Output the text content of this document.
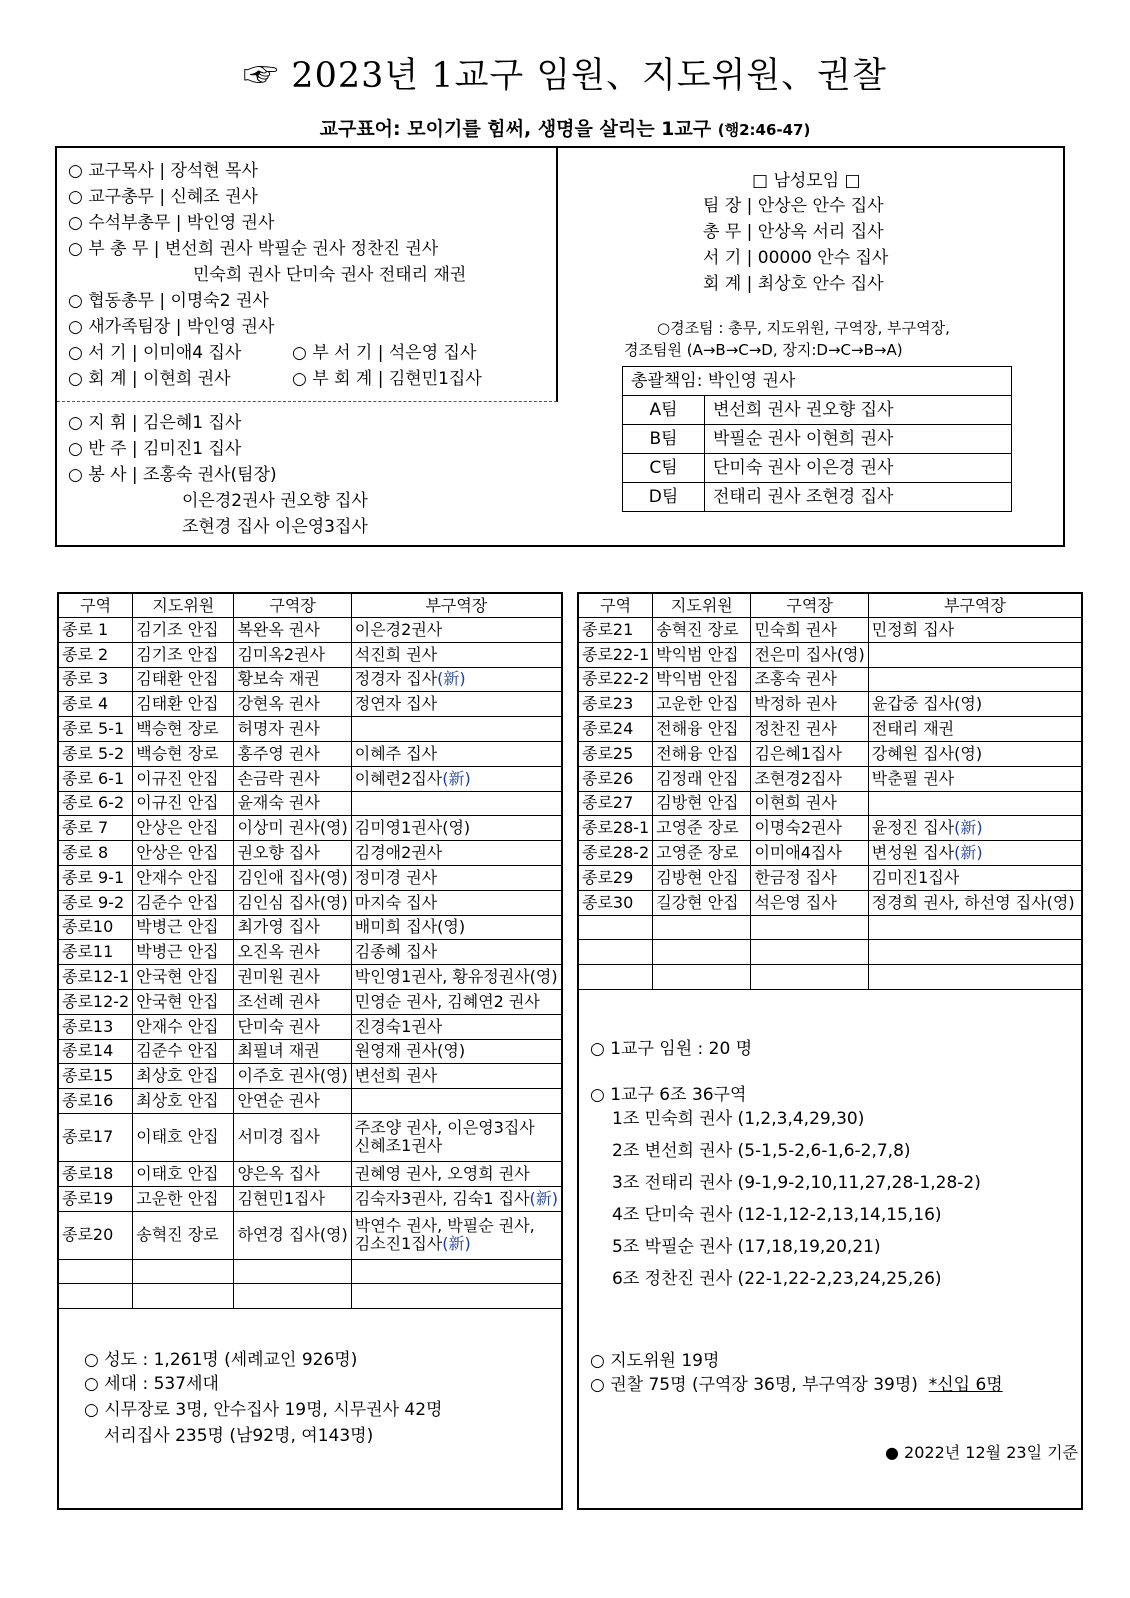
☞ 2023년 1교구 임원、지도위원、권찰
교구표어: 모이기를 힘써, 생명을 살리는 1교구 (행2:46-47)
○ 교구목사 | 장석현 목사
○ 교구총무 | 신혜조 권사
○ 수석부총무 | 박인영 권사
○ 부 총 무 | 변선희 권사 박필순 권사 정찬진 권사
민숙희 권사 단미숙 권사 전태리 재권
○ 협동총무 | 이명숙2 권사
○ 새가족팀장 | 박인영 권사
○ 서 기 | 이미애4 집사	○ 부 서 기 | 석은영 집사
○ 회 계 | 이현희 권사	○ 부 회 계 | 김현민1집사
○ 지 휘 | 김은혜1 집사
○ 반 주 | 김미진1 집사
○ 봉 사 | 조홍숙 권사(팀장)
이은경2권사 권오향 집사
조현경 집사 이은영3집사
□ 남성모임 □
팀 장 | 안상은 안수 집사
총 무 | 안상옥 서리 집사
서 기 | 00000 안수 집사
회 계 | 최상호 안수 집사
○경조팀 : 총무, 지도위원, 구역장, 부구역장,
경조팀원 (A→B→C→D, 장지:D→C→B→A)
총괄책임: 박인영 권사	
A팀	변선희 권사 권오향 집사
B팀	박필순 권사 이현희 권사
C팀	단미숙 권사 이은경 권사
D팀	전태리 권사 조현경 집사
구역	지도위원	구역장	부구역장
종로 1	김기조 안집	복완옥 권사	이은경2권사
종로 2	김기조 안집	김미옥2권사	석진희 권사
종로 3	김태환 안집	황보숙 재권	정경자 집사(新)
종로 4	김태환 안집	강현옥 권사	정연자 집사
종로 5-1	백승현 장로	허명자 권사	
종로 5-2	백승현 장로	홍주영 권사	이혜주 집사
종로 6-1	이규진 안집	손금락 권사	이혜련2집사(新)
종로 6-2	이규진 안집	윤재숙 권사	
종로 7	안상은 안집	이상미 권사(영)	김미영1권사(영)
종로 8	안상은 안집	권오향 집사	김경애2권사
종로 9-1	안재수 안집	김인애 집사(영)	정미경 권사
종로 9-2	김준수 안집	김인심 집사(영)	마지숙 집사
종로10	박병근 안집	최가영 집사	배미희 집사(영)
종로11	박병근 안집	오진옥 권사	김종혜 집사
종로12-1	안국현 안집	권미원 권사	박인영1권사, 황유정권사(영)
종로12-2	안국현 안집	조선례 권사	민영순 권사, 김혜연2 권사
종로13	안재수 안집	단미숙 권사	진경숙1권사
종로14	김준수 안집	최필녀 재권	원영재 권사(영)
종로15	최상호 안집	이주호 권사(영)	변선희 권사
종로16	최상호 안집	안연순 권사	
종로17	이태호 안집	서미경 집사	주조양 권사, 이은영3집사
신혜조1권사
종로18	이태호 안집	양은옥 집사	권혜영 권사, 오영희 권사
종로19	고운한 안집	김현민1집사	김숙자3권사, 김숙1 집사(新)
종로20	송혁진 장로	하연경 집사(영)	박연수 권사, 박필순 권사,
김소진1집사(新)

구역	지도위원	구역장	부구역장
종로21	송혁진 장로	민숙희 권사	민정희 집사
종로22-1	박익범 안집	전은미 집사(영)	
종로22-2	박익범 안집	조홍숙 권사	
종로23	고운한 안집	박정하 권사	윤갑중 집사(영)
종로24	전해융 안집	정찬진 권사	전태리 재권
종로25	전해융 안집	김은혜1집사	강혜원 집사(영)
종로26	김정래 안집	조현경2집사	박춘필 권사
종로27	김방현 안집	이현희 권사	
종로28-1	고영준 장로	이명숙2권사	윤정진 집사(新)
종로28-2	고영준 장로	이미애4집사	변성원 집사(新)
종로29	김방현 안집	한금정 집사	김미진1집사
종로30	길강현 안집	석은영 집사	정경희 권사, 하선영 집사(영)

○ 성도 : 1,261명 (세례교인 926명)
○ 세대 : 537세대
○ 시무장로 3명, 안수집사 19명, 시무권사 42명
서리집사 235명 (남92명, 여143명)
○ 1교구 임원 : 20 명
○ 1교구 6조 36구역
1조 민숙희 권사 (1,2,3,4,29,30)
2조 변선희 권사 (5-1,5-2,6-1,6-2,7,8)
3조 전태리 권사 (9-1,9-2,10,11,27,28-1,28-2)
4조 단미숙 권사 (12-1,12-2,13,14,15,16)
5조 박필순 권사 (17,18,19,20,21)
6조 정찬진 권사 (22-1,22-2,23,24,25,26)
○ 지도위원 19명
○ 권찰 75명 (구역장 36명, 부구역장 39명) *신입 6명
● 2022년 12월 23일 기준
